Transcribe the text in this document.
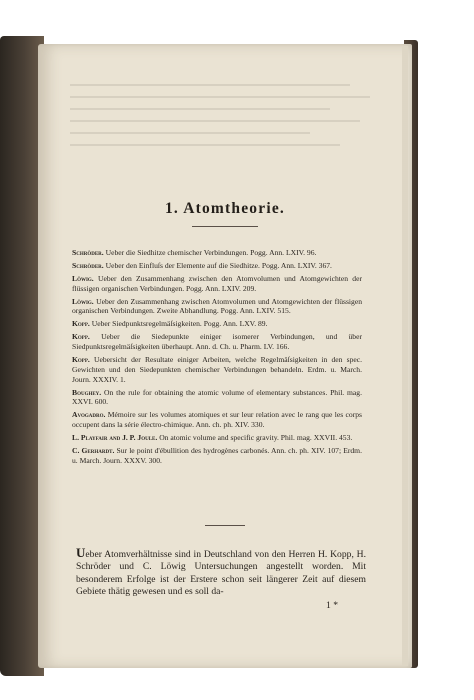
1. Atomtheorie.
Schröder. Ueber die Siedhitze chemischer Verbindungen. Pogg. Ann. LXIV. 96.
Schröder. Ueber den Einfluſs der Elemente auf die Siedhitze. Pogg. Ann. LXIV. 367.
Löwig. Ueber den Zusammenhang zwischen den Atomvolumen und Atomgewichten der flüssigen organischen Verbindungen. Pogg. Ann. LXIV. 209.
Löwig. Ueber den Zusammenhang zwischen Atomvolumen und Atomgewichten der flüssigen organischen Verbindungen. Zweite Abhandlung. Pogg. Ann. LXIV. 515.
Kopp. Ueber Siedpunktsregelmäſsigkeiten. Pogg. Ann. LXV. 89.
Kopp. Ueber die Siedepunkte einiger isomerer Verbindungen, und über Siedpunktsregelmäſsigkeiten überhaupt. Ann. d. Ch. u. Pharm. LV. 166.
Kopp. Uebersicht der Resultate einiger Arbeiten, welche Regelmäſsigkeiten in den spec. Gewichten und den Siedepunkten chemischer Verbindungen behandeln. Erdm. u. March. Journ. XXXIV. 1.
Boughey. On the rule for obtaining the atomic volume of elementary substances. Phil. mag. XXVI. 600.
Avogadro. Mémoire sur les volumes atomiques et sur leur relation avec le rang que les corps occupent dans la série électro-chimique. Ann. ch. ph. XIV. 330.
L. Playfair and J. P. Joule. On atomic volume and specific gravity. Phil. mag. XXVII. 453.
C. Gerhardt. Sur le point d'ébullition des hydrogènes carbonés. Ann. ch. ph. XIV. 107; Erdm. u. March. Journ. XXXV. 300.
Ueber Atomverhältnisse sind in Deutschland von den Herren H. Kopp, H. Schröder und C. Löwig Untersuchungen angestellt worden. Mit besonderem Erfolge ist der Erstere schon seit längerer Zeit auf diesem Gebiete thätig gewesen und es soll da-
1 *
